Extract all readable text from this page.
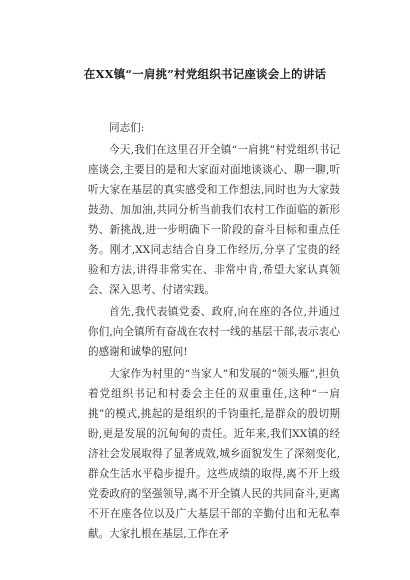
在XX镇“一肩挑”村党组织书记座谈会上的讲话

同志们:

今天,我们在这里召开全镇“一肩挑”村党组织书记座谈会,主要目的是和大家面对面地谈谈心、聊一聊,听听大家在基层的真实感受和工作想法,同时也为大家鼓鼓劲、加加油,共同分析当前我们农村工作面临的新形势、新挑战,进一步明确下一阶段的奋斗目标和重点任务。刚才,XX同志结合自身工作经历,分享了宝贵的经验和方法,讲得非常实在、非常中肯,希望大家认真领会、深入思考、付诸实践。

首先,我代表镇党委、政府,向在座的各位,并通过你们,向全镇所有奋战在农村一线的基层干部,表示衷心的感谢和诚挚的慰问!

大家作为村里的“当家人”和发展的“领头雁”,担负着党组织书记和村委会主任的双重重任,这种“一肩挑”的模式,挑起的是组织的千钧重托,是群众的殷切期盼,更是发展的沉甸甸的责任。近年来,我们XX镇的经济社会发展取得了显著成效,城乡面貌发生了深刻变化,群众生活水平稳步提升。这些成绩的取得,离不开上级党委政府的坚强领导,离不开全镇人民的共同奋斗,更离不开在座各位以及广大基层干部的辛勤付出和无私奉献。大家扎根在基层,工作在矛
